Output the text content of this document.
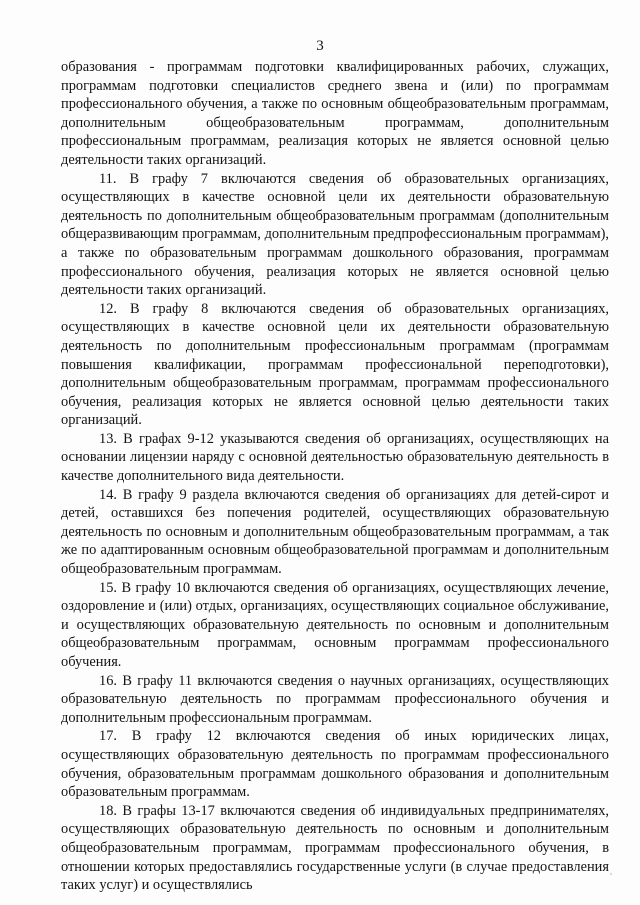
3

образования - программам подготовки квалифицированных рабочих, служащих, программам подготовки специалистов среднего звена и (или) по программам профессионального обучения, а также по основным общеобразовательным программам, дополнительным общеобразовательным программам, дополнительным профессиональным программам, реализация которых не является основной целью деятельности таких организаций.

11. В графу 7 включаются сведения об образовательных организациях, осуществляющих в качестве основной цели их деятельности образовательную деятельность по дополнительным общеобразовательным программам (дополнительным общеразвивающим программам, дополнительным предпрофессиональным программам), а также по образовательным программам дошкольного образования, программам профессионального обучения, реализация которых не является основной целью деятельности таких организаций.

12. В графу 8 включаются сведения об образовательных организациях, осуществляющих в качестве основной цели их деятельности образовательную деятельность по дополнительным профессиональным программам (программам повышения квалификации, программам профессиональной переподготовки), дополнительным общеобразовательным программам, программам профессионального обучения, реализация которых не является основной целью деятельности таких организаций.

13. В графах 9-12 указываются сведения об организациях, осуществляющих на основании лицензии наряду с основной деятельностью образовательную деятельность в качестве дополнительного вида деятельности.

14. В графу 9 раздела включаются сведения об организациях для детей-сирот и детей, оставшихся без попечения родителей, осуществляющих образовательную деятельность по основным и дополнительным общеобразовательным программам, а так же по адаптированным основным общеобразовательной программам и дополнительным общеобразовательным программам.

15. В графу 10 включаются сведения об организациях, осуществляющих лечение, оздоровление и (или) отдых, организациях, осуществляющих социальное обслуживание, и осуществляющих образовательную деятельность по основным и дополнительным общеобразовательным программам, основным программам профессионального обучения.

16. В графу 11 включаются сведения о научных организациях, осуществляющих образовательную деятельность по программам профессионального обучения и дополнительным профессиональным программам.

17. В графу 12 включаются сведения об иных юридических лицах, осуществляющих образовательную деятельность по программам профессионального обучения, образовательным программам дошкольного образования и дополнительным образовательным программам.

18. В графы 13-17 включаются сведения об индивидуальных предпринимателях, осуществляющих образовательную деятельность по основным и дополнительным общеобразовательным программам, программам профессионального обучения, в отношении которых предоставлялись государственные услуги (в случае предоставления таких услуг) и осуществлялись
